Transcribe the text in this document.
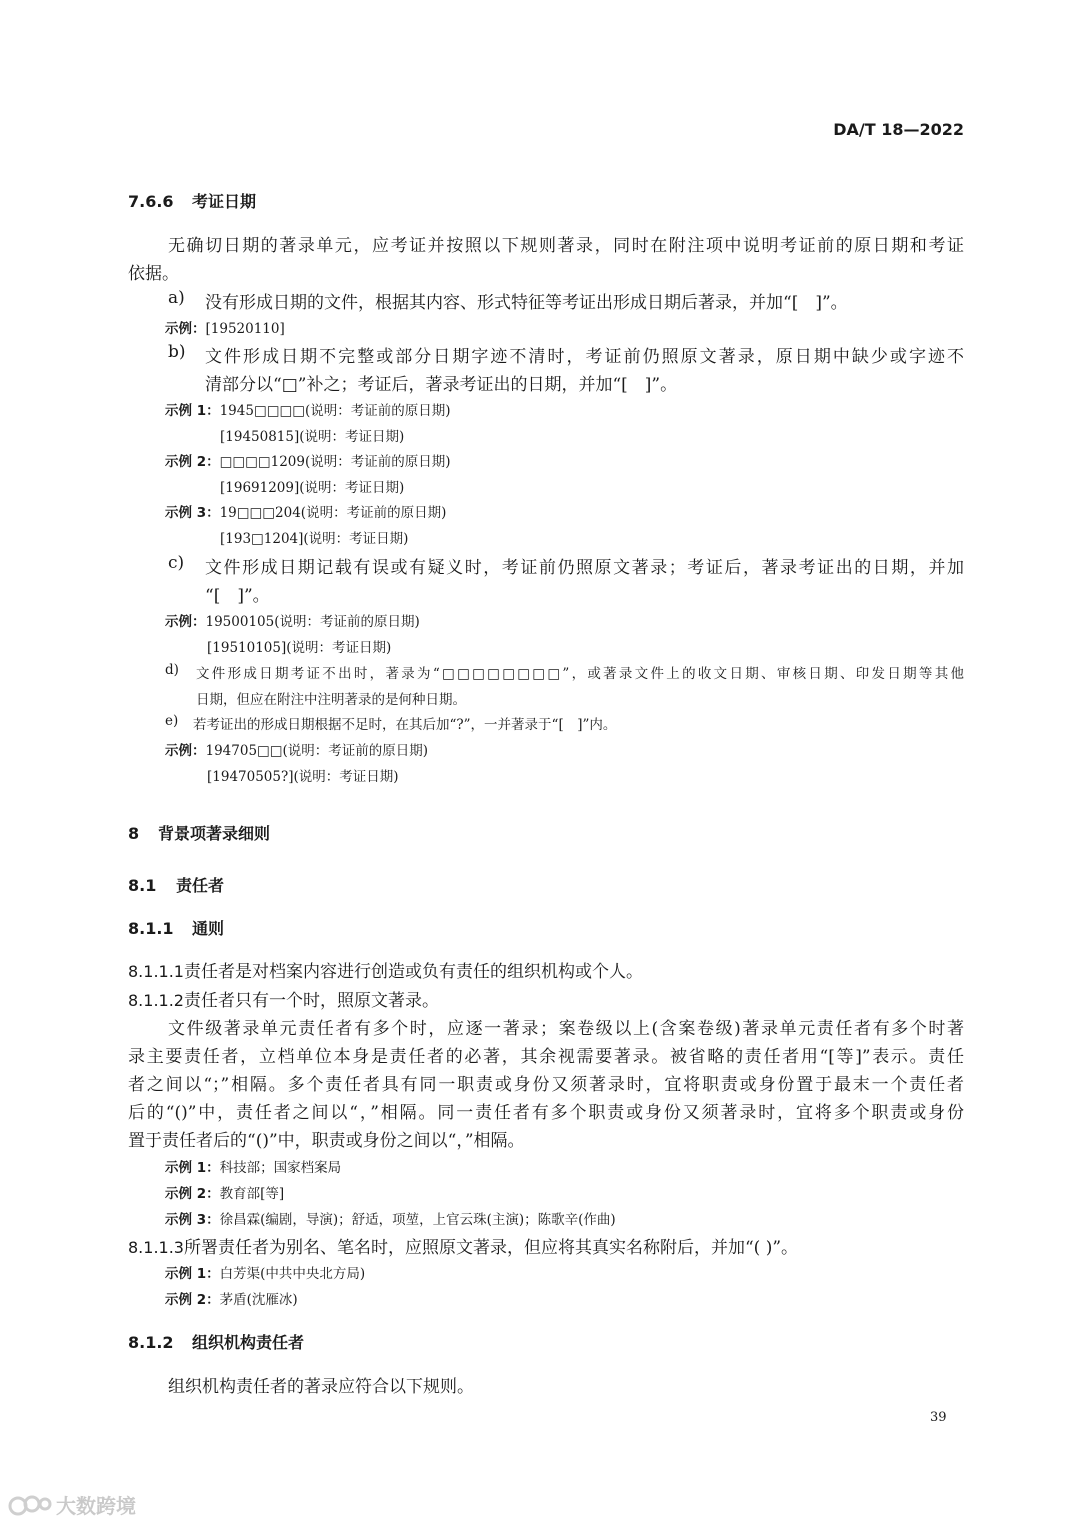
DA/T 18—2022
7.6.6 考证日期
无确切日期的著录单元，应考证并按照以下规则著录，同时在附注项中说明考证前的原日期和考证
依据。
a) 没有形成日期的文件，根据其内容、形式特征等考证出形成日期后著录，并加“[　]”。
示例：[19520110]
b) 文件形成日期不完整或部分日期字迹不清时，考证前仍照原文著录，原日期中缺少或字迹不
清部分以“□”补之；考证后，著录考证出的日期，并加“[　]”。
示例 1：1945□□□□(说明：考证前的原日期)
[19450815](说明：考证日期)
示例 2：□□□□1209(说明：考证前的原日期)
[19691209](说明：考证日期)
示例 3：19□□□204(说明：考证前的原日期)
[193□1204](说明：考证日期)
c) 文件形成日期记载有误或有疑义时，考证前仍照原文著录；考证后，著录考证出的日期，并加
“[　]”。
示例：19500105(说明：考证前的原日期)
[19510105](说明：考证日期)
d) 文件形成日期考证不出时，著录为“□□□□□□□□”，或著录文件上的收文日期、审核日期、印发日期等其他
日期，但应在附注中注明著录的是何种日期。
e) 若考证出的形成日期根据不足时，在其后加“?”，一并著录于“[　]”内。
示例：194705□□(说明：考证前的原日期)
[19470505?](说明：考证日期)
8 背景项著录细则
8.1 责任者
8.1.1 通则
8.1.1.1责任者是对档案内容进行创造或负有责任的组织机构或个人。
8.1.1.2责任者只有一个时，照原文著录。
文件级著录单元责任者有多个时，应逐一著录；案卷级以上(含案卷级)著录单元责任者有多个时著
录主要责任者，立档单位本身是责任者的必著，其余视需要著录。被省略的责任者用“[等]”表示。责任
者之间以“；”相隔。多个责任者具有同一职责或身份又须著录时，宜将职责或身份置于最末一个责任者
后的“()”中，责任者之间以“，”相隔。同一责任者有多个职责或身份又须著录时，宜将多个职责或身份
置于责任者后的“()”中，职责或身份之间以“，”相隔。
示例 1：科技部；国家档案局
示例 2：教育部[等]
示例 3：徐昌霖(编剧，导演)；舒适，项堃，上官云珠(主演)；陈歌辛(作曲)
8.1.1.3所署责任者为别名、笔名时，应照原文著录，但应将其真实名称附后，并加“( )”。
示例 1：白芳渠(中共中央北方局)
示例 2：茅盾(沈雁冰)
8.1.2 组织机构责任者
组织机构责任者的著录应符合以下规则。
39
大数跨境
